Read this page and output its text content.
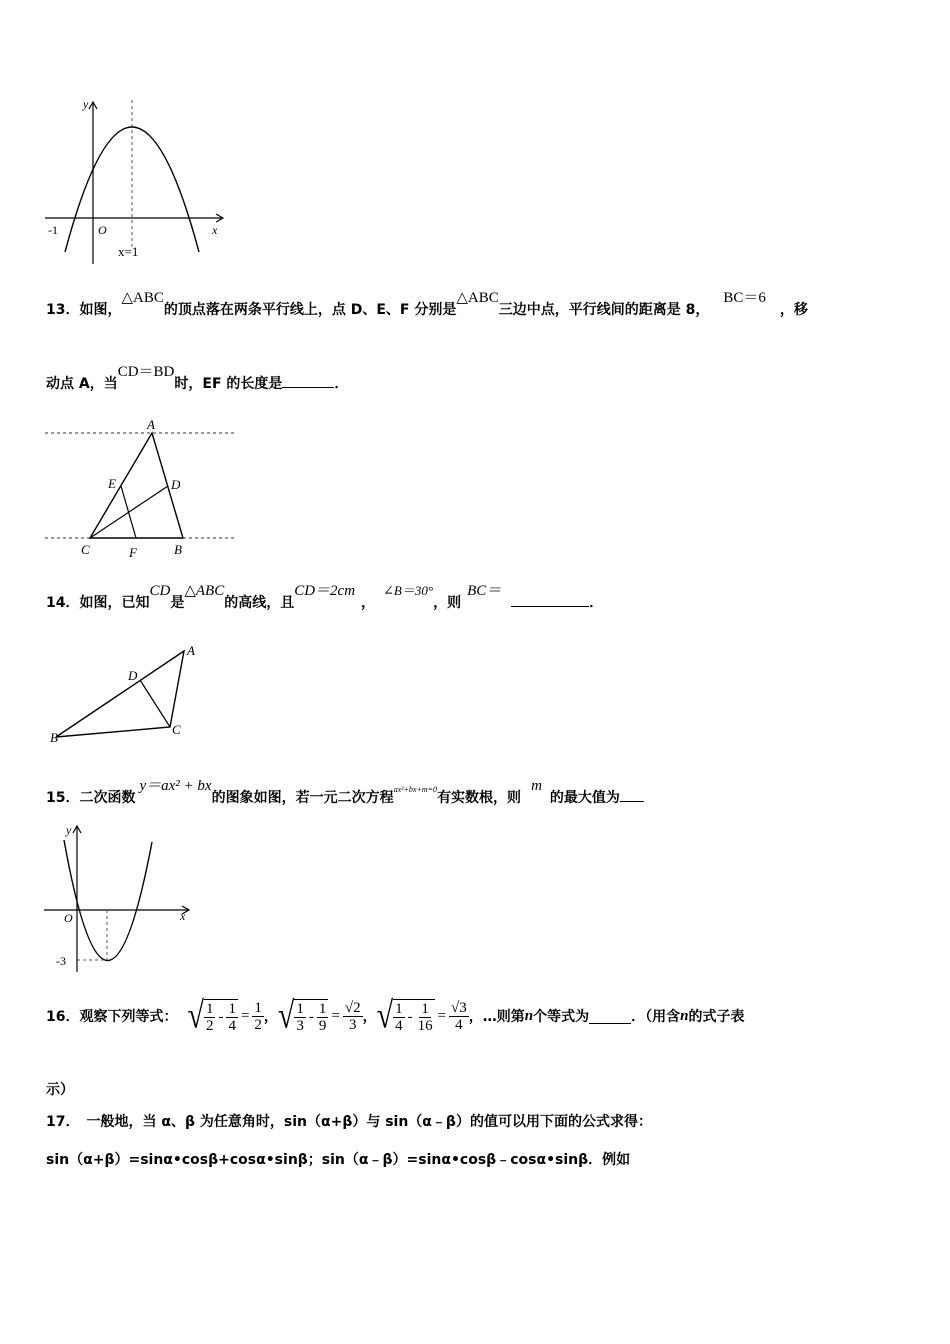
y
x
-1	O
x=1
13．如图，△ABC的顶点落在两条平行线上，点 D、E、F 分别是△ABC三边中点，平行线间的距离是 8，BC＝6，移
动点 A，当CD＝BD时，EF 的长度是	．
A
E	D
C	F	B
14．如图，已知CD是△ABC的高线，且CD＝2cm，∠B＝30°，则BC＝．
A
D
B
C
15．二次函数y＝ax² + bx的图象如图，若一元二次方程$^{ax^2+bx+m=0}$有实数根，则m的最大值为
y
x
O
-3
16．观察下列等式： √ $\frac{1}{2} - \frac{1}{4} = \frac{1}{2}$ ， √ $\frac{1}{3} - \frac{1}{9} = \frac{√2}{3}$ ， √ $\frac{1}{4} - \frac{1}{16} = \frac{√3}{4}$ ，…则第 n 个等式为	．（用含 n 的式子表
示）
17．　一般地，当 α、β 为任意角时，sin（α+β）与 sin（α﹣β）的值可以用下面的公式求得：
sin（α+β）=sinα•cosβ+cosα•sinβ；sin（α﹣β）=sinα•cosβ﹣cosα•sinβ．例如
